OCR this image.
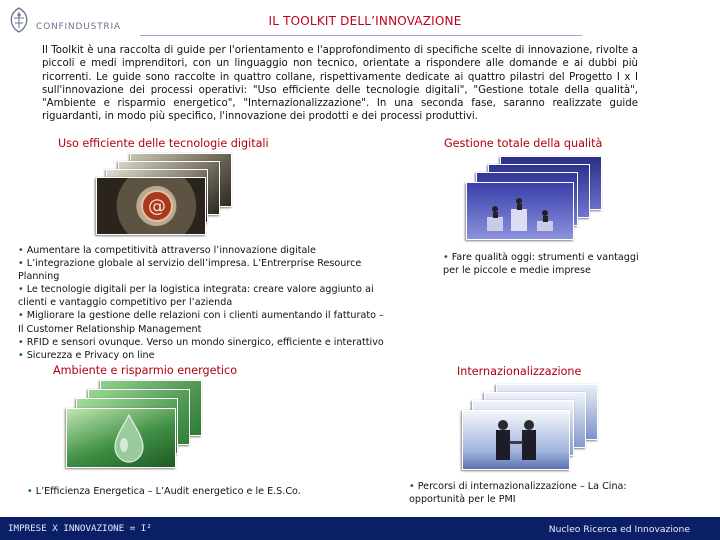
CONFINDUSTRIA	IL TOOLKIT DELL’INNOVAZIONE
Il Toolkit è una raccolta di guide per l'orientamento e l'approfondimento di specifiche scelte di innovazione, rivolte a piccoli e medi imprenditori, con un linguaggio non tecnico, orientate a rispondere alle domande e ai dubbi più ricorrenti. Le guide sono raccolte in quattro collane, rispettivamente dedicate ai quattro pilastri del Progetto I x I sull'innovazione dei processi operativi: "Uso efficiente delle tecnologie digitali", "Gestione totale della qualità", "Ambiente e risparmio energetico", "Internazionalizzazione". In una seconda fase, saranno realizzate guide riguardanti, in modo più specifico, l'innovazione dei prodotti e dei processi produttivi.
Uso efficiente delle tecnologie digitali
@
• Aumentare la competitività attraverso l’innovazione digitale
• L’integrazione globale al servizio dell’impresa. L’Entrerprise Resource Planning
• Le tecnologie digitali per la logistica integrata: creare valore aggiunto ai clienti e vantaggio competitivo per l’azienda
• Migliorare la gestione delle relazioni con i clienti aumentando il fatturato – Il Customer Relationship Management
• RFID e sensori ovunque. Verso un mondo sinergico, efficiente e interattivo
• Sicurezza e Privacy on line
Gestione totale della qualità
• Fare qualità oggi: strumenti e vantaggi per le piccole e medie imprese
Ambiente e risparmio energetico
• L’Efficienza Energetica – L’Audit energetico e le E.S.Co.
Internazionalizzazione
• Percorsi di internazionalizzazione – La Cina: opportunità per le PMI
IMPRESE X INNOVAZIONE = I²	Nucleo Ricerca ed Innovazione
